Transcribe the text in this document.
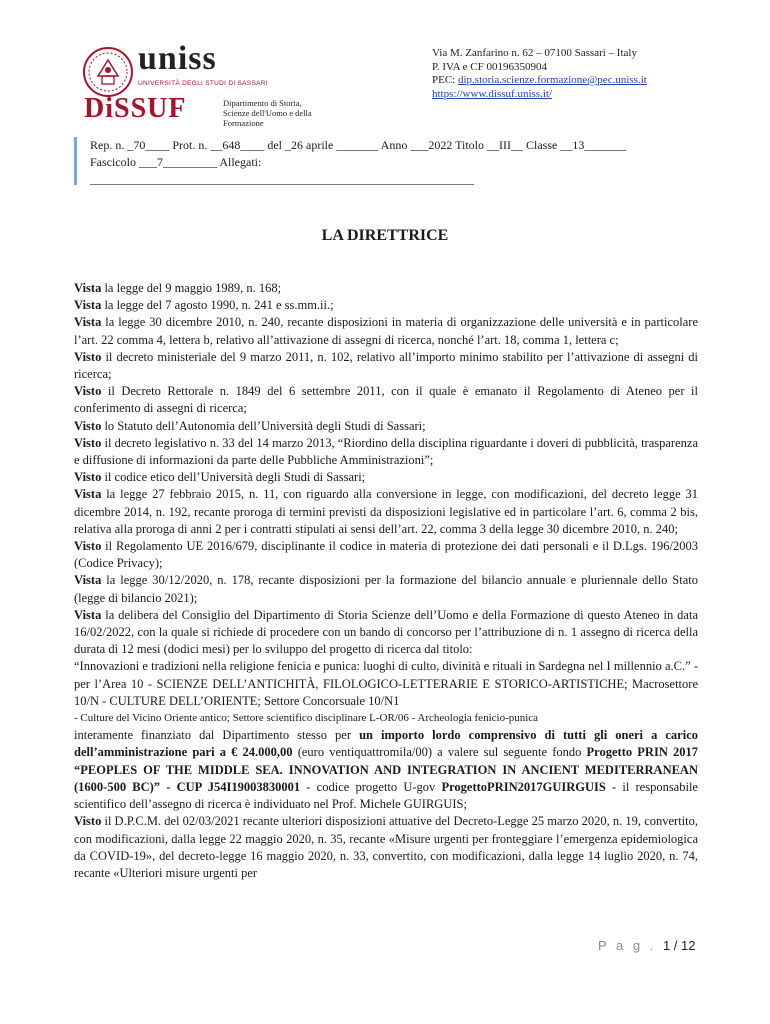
uniss
UNIVERSITÀ DEGLI STUDI DI SASSARI
DiSSUF	Dipartimento di Storia,
Scienze dell'Uomo e della Formazione
Via M. Zanfarino n. 62 – 07100 Sassari – Italy
P. IVA e CF 00196350904
PEC: dip.storia.scienze.formazione@pec.uniss.it
https://www.dissuf.uniss.it/
Rep. n. _70____ Prot. n. __648____ del _26 aprile _______ Anno ___2022 Titolo __III__ Classe __13_______
Fascicolo ___7_________ Allegati:
________________________________________________________________
LA DIRETTRICE

Vista la legge del 9 maggio 1989, n. 168;

Vista la legge del 7 agosto 1990, n. 241 e ss.mm.ii.;

Vista la legge 30 dicembre 2010, n. 240, recante disposizioni in materia di organizzazione delle università e in particolare l’art. 22 comma 4, lettera b, relativo all’attivazione di assegni di ricerca, nonché l’art. 18, comma 1, lettera c;

Visto il decreto ministeriale del 9 marzo 2011, n. 102, relativo all’importo minimo stabilito per l’attivazione di assegni di ricerca;

Visto il Decreto Rettorale n. 1849 del 6 settembre 2011, con il quale è emanato il Regolamento di Ateneo per il conferimento di assegni di ricerca;

Visto lo Statuto dell’Autonomia dell’Università degli Studi di Sassari;

Visto il decreto legislativo n. 33 del 14 marzo 2013, “Riordino della disciplina riguardante i doveri di pubblicità, trasparenza e diffusione di informazioni da parte delle Pubbliche Amministrazioni”;

Visto il codice etico dell’Università degli Studi di Sassari;

Vista la legge 27 febbraio 2015, n. 11, con riguardo alla conversione in legge, con modificazioni, del decreto legge 31 dicembre 2014, n. 192, recante proroga di termini previsti da disposizioni legislative ed in particolare l’art. 6, comma 2 bis, relativa alla proroga di anni 2 per i contratti stipulati ai sensi dell’art. 22, comma 3 della legge 30 dicembre 2010, n. 240;

Visto il Regolamento UE 2016/679, disciplinante il codice in materia di protezione dei dati personali e il D.Lgs. 196/2003 (Codice Privacy);

Vista la legge 30/12/2020, n. 178, recante disposizioni per la formazione del bilancio annuale e pluriennale dello Stato (legge di bilancio 2021);

Vista la delibera del Consiglio del Dipartimento di Storia Scienze dell’Uomo e della Formazione di questo Ateneo in data 16/02/2022, con la quale si richiede di procedere con un bando di concorso per l’attribuzione di n. 1 assegno di ricerca della durata di 12 mesi (dodici mesi) per lo sviluppo del progetto di ricerca dal titolo:

“Innovazioni e tradizioni nella religione fenicia e punica: luoghi di culto, divinità e rituali in Sardegna nel I millennio a.C.” - per l’Area 10 - SCIENZE DELL’ANTICHITÀ, FILOLOGICO-LETTERARIE E STORICO-ARTISTICHE; Macrosettore 10/N - CULTURE DELL’ORIENTE; Settore Concorsuale 10/N1

- Culture del Vicino Oriente antico; Settore scientifico disciplinare L-OR/06 - Archeologia fenicio-punica

interamente finanziato dal Dipartimento stesso per un importo lordo comprensivo di tutti gli oneri a carico dell’amministrazione pari a € 24.000,00 (euro ventiquattromila/00) a valere sul seguente fondo Progetto PRIN 2017 “PEOPLES OF THE MIDDLE SEA. INNOVATION AND INTEGRATION IN ANCIENT MEDITERRANEAN (1600-500 BC)” - CUP J54I19003830001 - codice progetto U-gov ProgettoPRIN2017GUIRGUIS - il responsabile scientifico dell’assegno di ricerca è individuato nel Prof. Michele GUIRGUIS;

Visto il D.P.C.M. del 02/03/2021 recante ulteriori disposizioni attuative del Decreto-Legge 25 marzo 2020, n. 19, convertito, con modificazioni, dalla legge 22 maggio 2020, n. 35, recante «Misure urgenti per fronteggiare l’emergenza epidemiologica da COVID-19», del decreto-legge 16 maggio 2020, n. 33, convertito, con modificazioni, dalla legge 14 luglio 2020, n. 74, recante «Ulteriori misure urgenti per

P a g . 1 / 12
